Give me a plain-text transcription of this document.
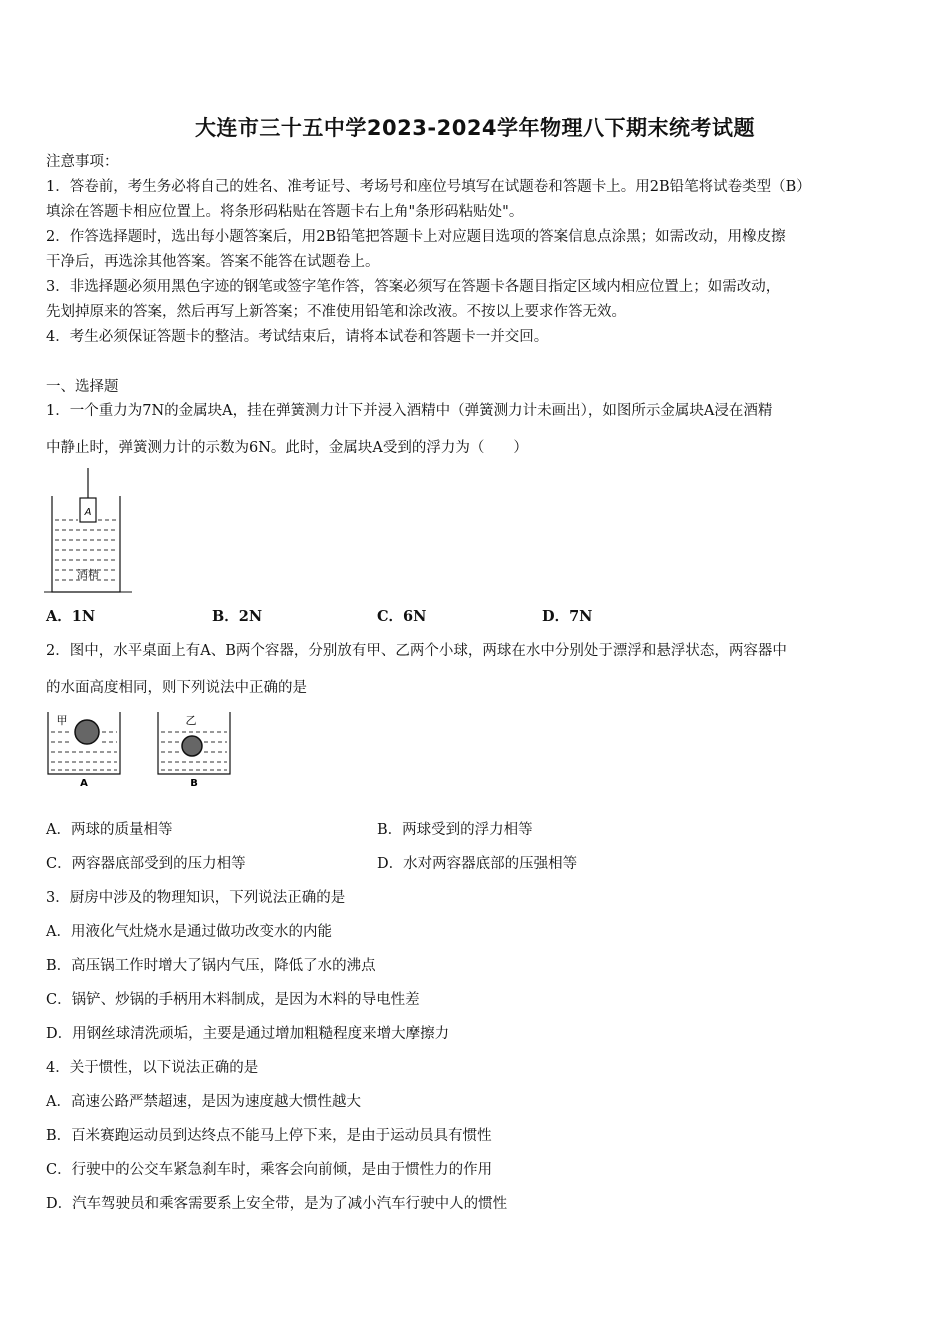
大连市三十五中学2023-2024学年物理八下期末统考试题
注意事项：
1．答卷前，考生务必将自己的姓名、准考证号、考场号和座位号填写在试题卷和答题卡上。用2B铅笔将试卷类型（B）
填涂在答题卡相应位置上。将条形码粘贴在答题卡右上角"条形码粘贴处"。
2．作答选择题时，选出每小题答案后，用2B铅笔把答题卡上对应题目选项的答案信息点涂黑；如需改动，用橡皮擦
干净后，再选涂其他答案。答案不能答在试题卷上。
3．非选择题必须用黑色字迹的钢笔或签字笔作答，答案必须写在答题卡各题目指定区域内相应位置上；如需改动，
先划掉原来的答案，然后再写上新答案；不准使用铅笔和涂改液。不按以上要求作答无效。
4．考生必须保证答题卡的整洁。考试结束后，请将本试卷和答题卡一并交回。
一、选择题
1．一个重力为7N的金属块A，挂在弹簧测力计下并浸入酒精中（弹簧测力计未画出），如图所示金属块A浸在酒精
中静止时，弹簧测力计的示数为6N。此时，金属块A受到的浮力为（　　）
A
酒精
A．1N	B．2N	C．6N	D．7N
2．图中，水平桌面上有A、B两个容器，分别放有甲、乙两个小球，两球在水中分别处于漂浮和悬浮状态，两容器中
的水面高度相同，则下列说法中正确的是
甲
A
乙
B
A．两球的质量相等	B．两球受到的浮力相等
C．两容器底部受到的压力相等	D．水对两容器底部的压强相等
3．厨房中涉及的物理知识，下列说法正确的是
A．用液化气灶烧水是通过做功改变水的内能
B．高压锅工作时增大了锅内气压，降低了水的沸点
C．锅铲、炒锅的手柄用木料制成，是因为木料的导电性差
D．用钢丝球清洗顽垢，主要是通过增加粗糙程度来增大摩擦力
4．关于惯性，以下说法正确的是
A．高速公路严禁超速，是因为速度越大惯性越大
B．百米赛跑运动员到达终点不能马上停下来，是由于运动员具有惯性
C．行驶中的公交车紧急刹车时，乘客会向前倾，是由于惯性力的作用
D．汽车驾驶员和乘客需要系上安全带，是为了减小汽车行驶中人的惯性
